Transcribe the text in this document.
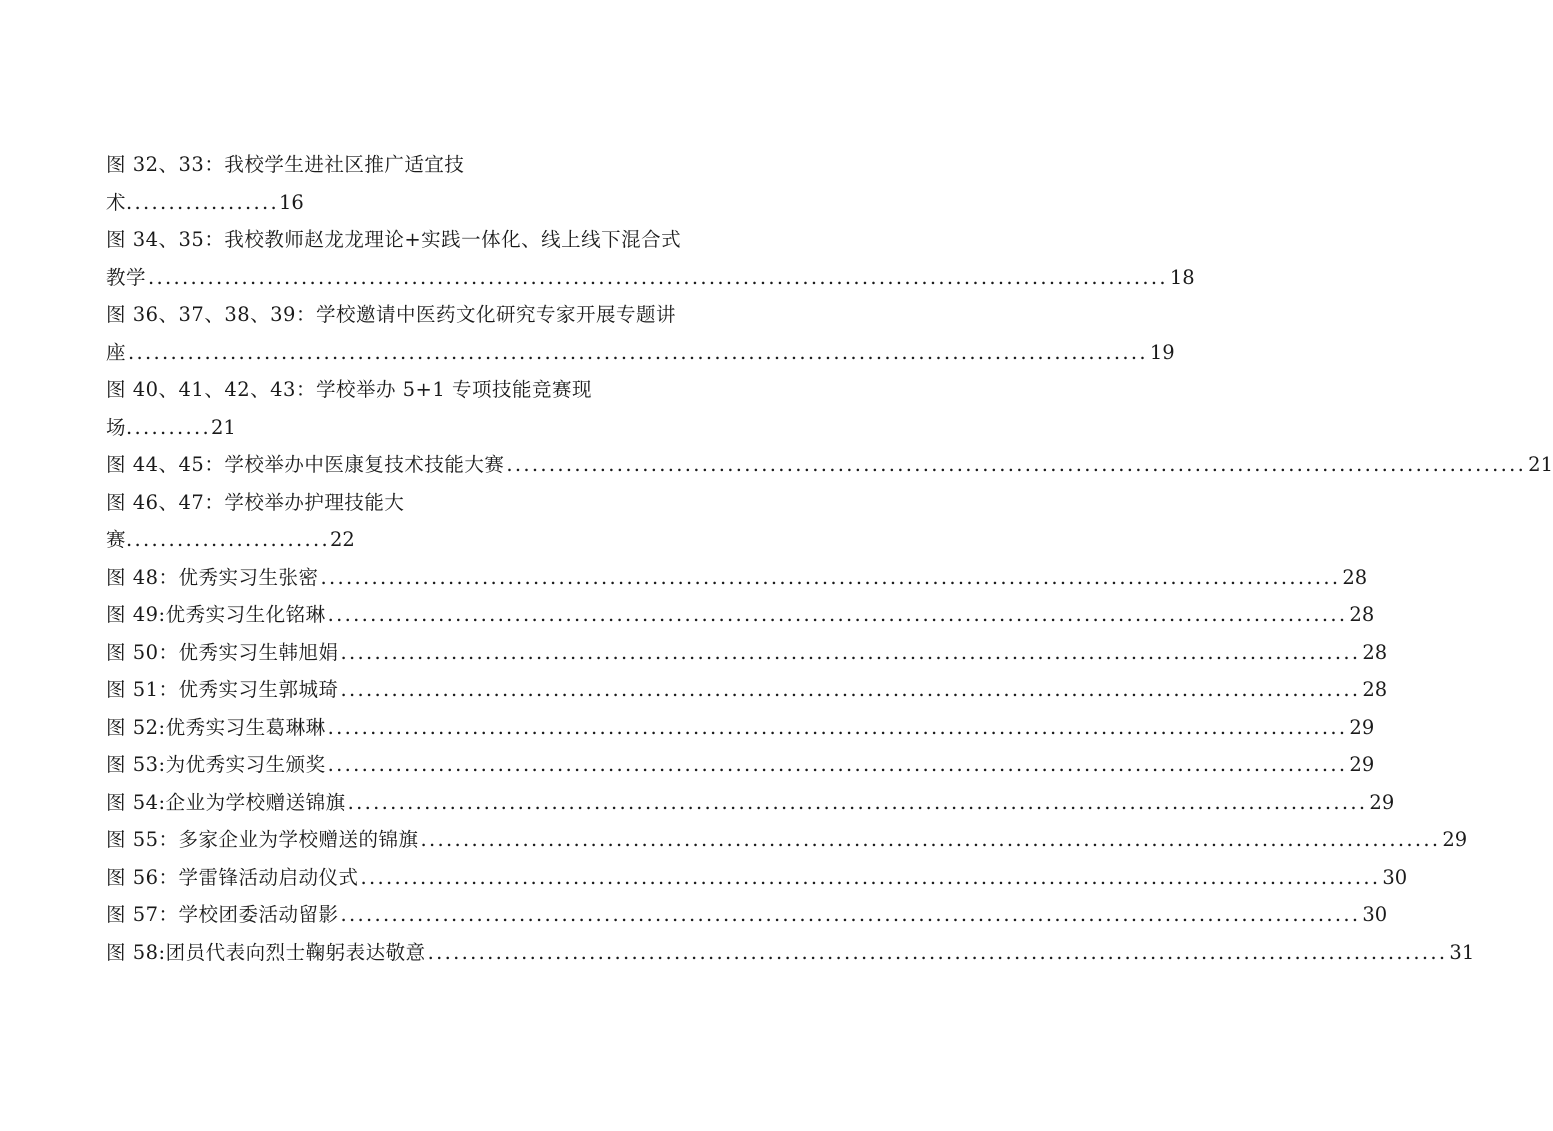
图 32、33：我校学生进社区推广适宜技
术..................16
图 34、35：我校教师赵龙龙理论+实践一体化、线上线下混合式
教学 ........................................................................................................................ 18
图 36、37、38、39：学校邀请中医药文化研究专家开展专题讲
座 ........................................................................................................................ 19
图 40、41、42、43：学校举办 5+1 专项技能竞赛现
场..........21
图 44、45：学校举办中医康复技术技能大赛 ........................................................................................................................ 21
图 46、47：学校举办护理技能大
赛........................22
图 48：优秀实习生张密 ........................................................................................................................ 28
图 49:优秀实习生化铭琳 ........................................................................................................................ 28
图 50：优秀实习生韩旭娟 ........................................................................................................................ 28
图 51：优秀实习生郭城琦 ........................................................................................................................ 28
图 52:优秀实习生葛琳琳 ........................................................................................................................ 29
图 53:为优秀实习生颁奖 ........................................................................................................................ 29
图 54:企业为学校赠送锦旗 ........................................................................................................................ 29
图 55：多家企业为学校赠送的锦旗 ........................................................................................................................ 29
图 56：学雷锋活动启动仪式 ........................................................................................................................ 30
图 57：学校团委活动留影 ........................................................................................................................ 30
图 58:团员代表向烈士鞠躬表达敬意 ........................................................................................................................ 31
